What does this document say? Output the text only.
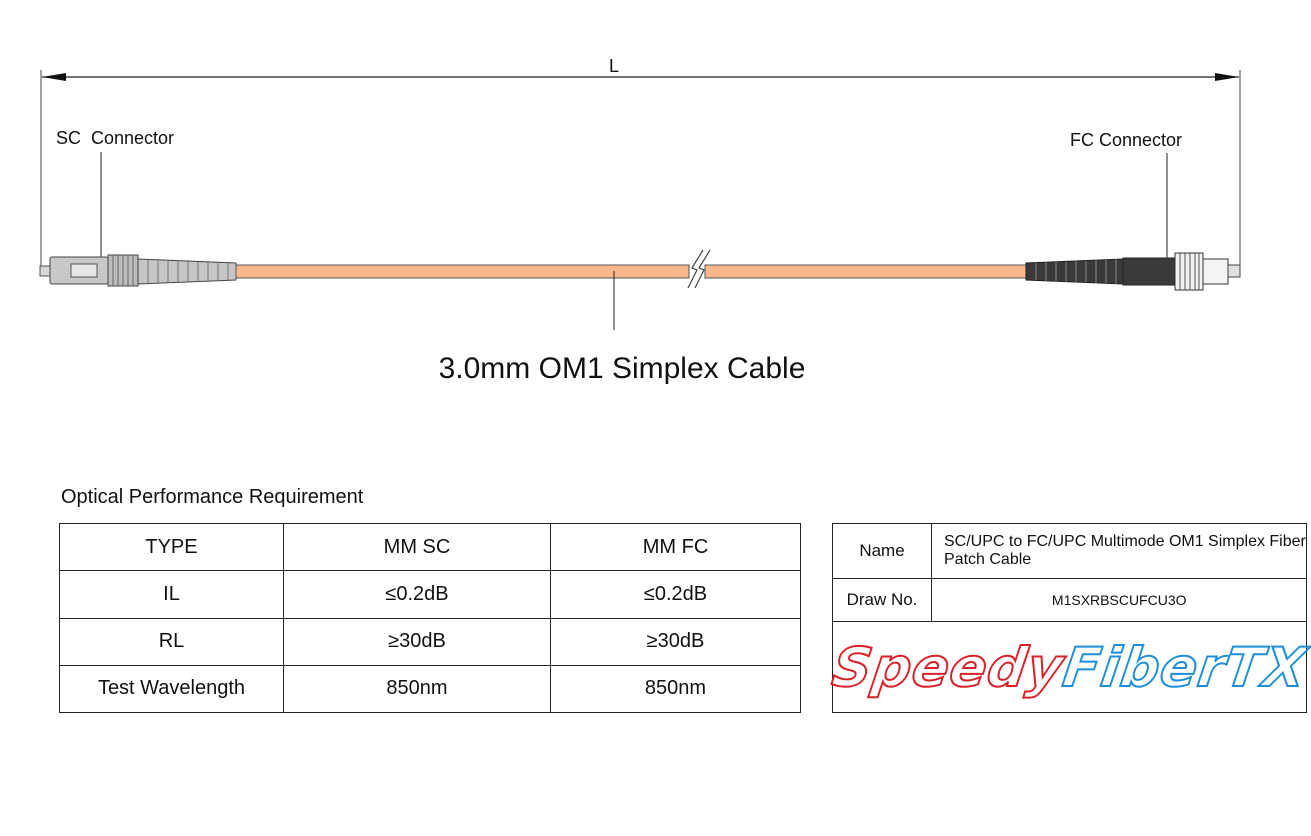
L
SC  Connector	FC Connector
3.0mm OM1 Simplex Cable
Optical Performance Requirement
TYPE	MM SC	MM FC
IL	≤0.2dB	≤0.2dB
RL	≥30dB	≥30dB
Test Wavelength	850nm	850nm
Name	SC/UPC to FC/UPC Multimode OM1 Simplex Fiber Patch Cable
Draw No.	M1SXRBSCUFCU3O
SpeedyFiberTX	
